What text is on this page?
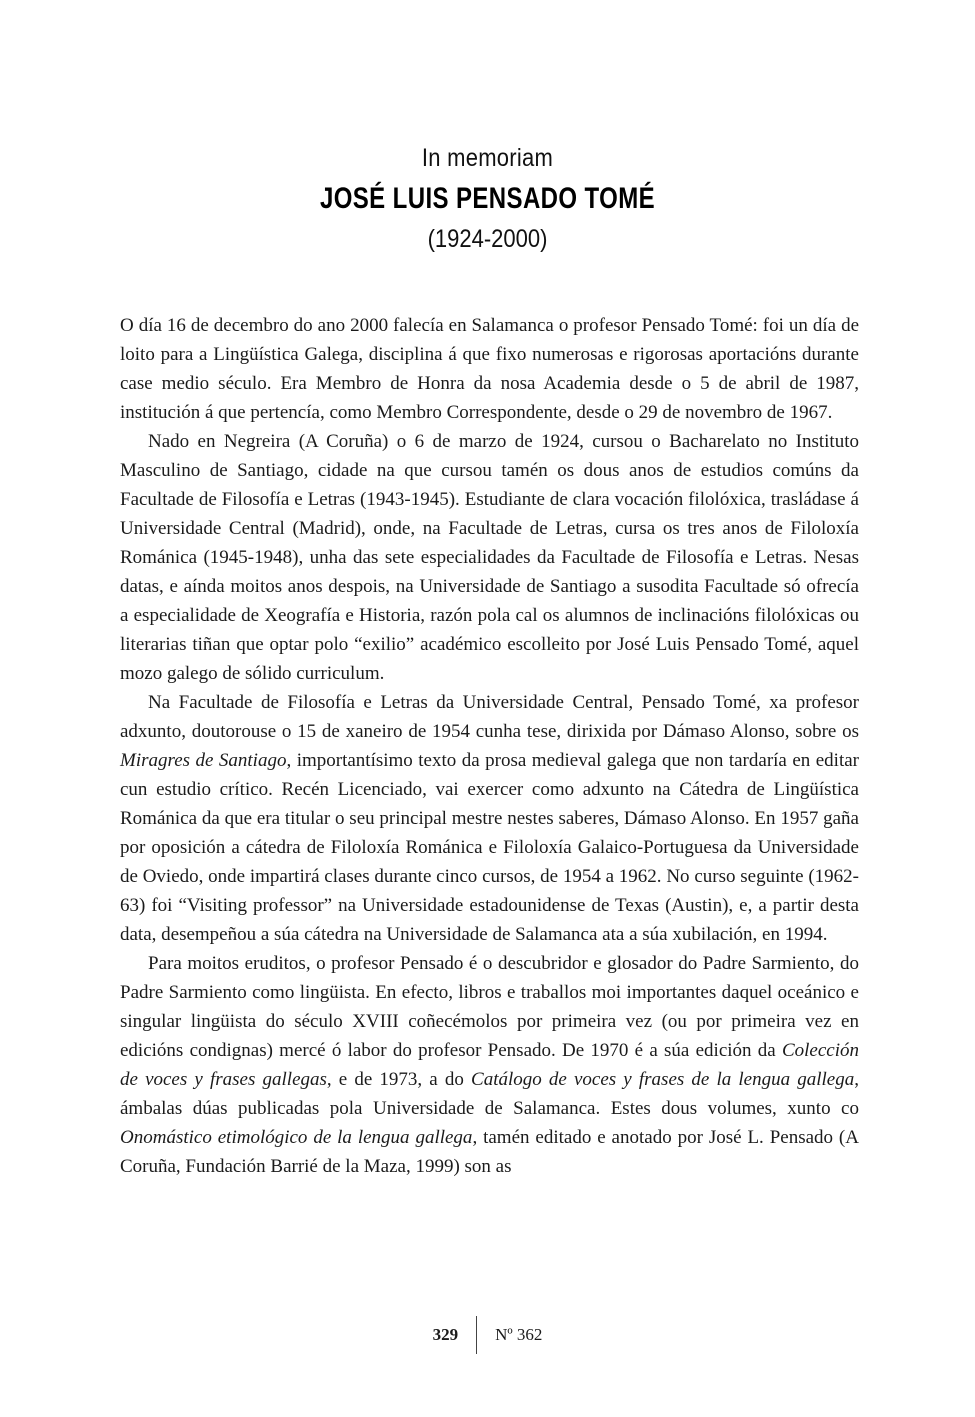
In memoriam
JOSÉ LUIS PENSADO TOMÉ
(1924-2000)

O día 16 de decembro do ano 2000 falecía en Salamanca o profesor Pensado Tomé: foi un día de loito para a Lingüística Galega, disciplina á que fixo numerosas e rigorosas aportacións durante case medio século. Era Membro de Honra da nosa Academia desde o 5 de abril de 1987, institución á que pertencía, como Membro Correspondente, desde o 29 de novembro de 1967.

Nado en Negreira (A Coruña) o 6 de marzo de 1924, cursou o Bacharelato no Instituto Masculino de Santiago, cidade na que cursou tamén os dous anos de estudios comúns da Facultade de Filosofía e Letras (1943-1945). Estudiante de clara vocación filolóxica, trasládase á Universidade Central (Madrid), onde, na Facultade de Letras, cursa os tres anos de Filoloxía Románica (1945-1948), unha das sete especialidades da Facultade de Filosofía e Letras. Nesas datas, e aínda moitos anos despois, na Universidade de Santiago a susodita Facultade só ofrecía a especialidade de Xeografía e Historia, razón pola cal os alumnos de inclinacións filolóxicas ou literarias tiñan que optar polo “exilio” académico escolleito por José Luis Pensado Tomé, aquel mozo galego de sólido curriculum.

Na Facultade de Filosofía e Letras da Universidade Central, Pensado Tomé, xa profesor adxunto, doutorouse o 15 de xaneiro de 1954 cunha tese, dirixida por Dámaso Alonso, sobre os Miragres de Santiago, importantísimo texto da prosa medieval galega que non tardaría en editar cun estudio crítico. Recén Licenciado, vai exercer como adxunto na Cátedra de Lingüística Románica da que era titular o seu principal mestre nestes saberes, Dámaso Alonso. En 1957 gaña por oposición a cátedra de Filoloxía Románica e Filoloxía Galaico-Portuguesa da Universidade de Oviedo, onde impartirá clases durante cinco cursos, de 1954 a 1962. No curso seguinte (1962-63) foi “Visiting professor” na Universidade estadounidense de Texas (Austin), e, a partir desta data, desempeñou a súa cátedra na Universidade de Salamanca ata a súa xubilación, en 1994.

Para moitos eruditos, o profesor Pensado é o descubridor e glosador do Padre Sarmiento, do Padre Sarmiento como lingüista. En efecto, libros e traballos moi importantes daquel oceánico e singular lingüista do século XVIII coñecémolos por primeira vez (ou por primeira vez en edicións condignas) mercé ó labor do profesor Pensado. De 1970 é a súa edición da Colección de voces y frases gallegas, e de 1973, a do Catálogo de voces y frases de la lengua gallega, ámbalas dúas publicadas pola Universidade de Salamanca. Estes dous volumes, xunto co Onomástico etimológico de la lengua gallega, tamén editado e anotado por José L. Pensado (A Coruña, Fundación Barrié de la Maza, 1999) son as

329 Nº 362
